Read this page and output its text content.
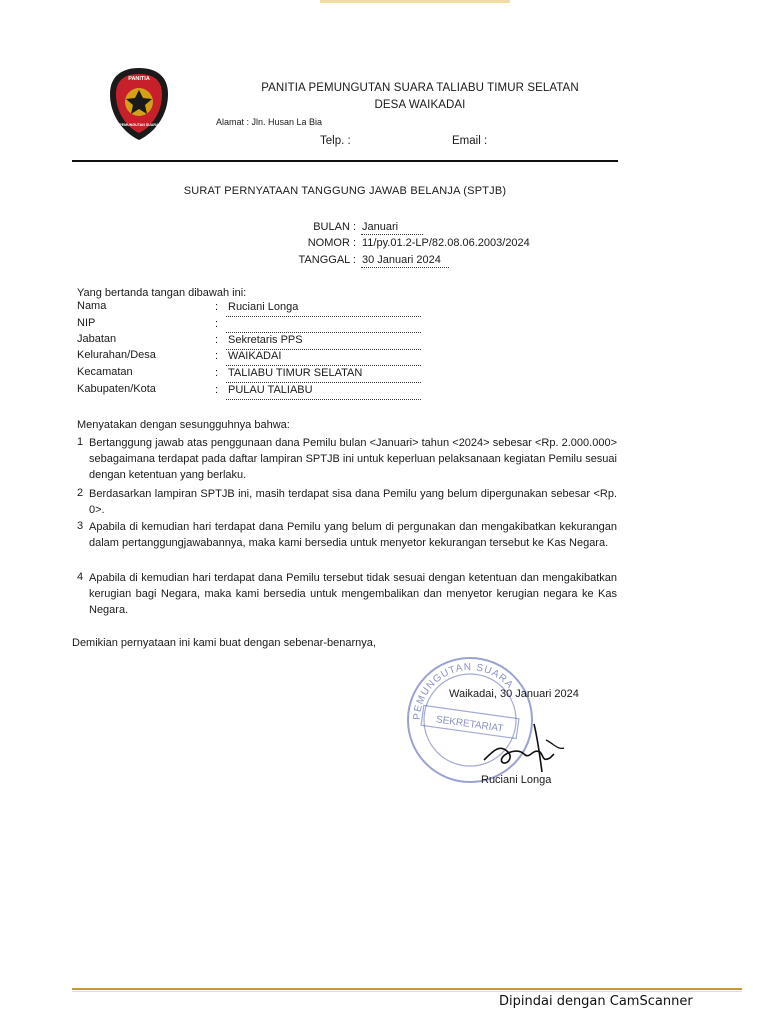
PANITIA
PEMUNGUTAN SUARA
PANITIA PEMUNGUTAN SUARA TALIABU TIMUR SELATAN
DESA WAIKADAI
Alamat : Jln. Husan La Bia
Telp. :	Email :
SURAT PERNYATAAN TANGGUNG JAWAB BELANJA (SPTJB)
BULAN : Januari
NOMOR : 11/py.01.2-LP/82.08.06.2003/2024
TANGGAL : 30 Januari 2024
Yang bertanda tangan dibawah ini:
Nama	: Ruciani Longa
NIP	:
Jabatan	: Sekretaris PPS
Kelurahan/Desa	: WAIKADAI
Kecamatan	: TALIABU TIMUR SELATAN
Kabupaten/Kota	: PULAU TALIABU
Menyatakan dengan sesungguhnya bahwa:
1 Bertanggung jawab atas penggunaan dana Pemilu bulan <Januari> tahun <2024> sebesar <Rp. 2.000.000> sebagaimana terdapat pada daftar lampiran SPTJB ini untuk keperluan pelaksanaan kegiatan Pemilu sesuai dengan ketentuan yang berlaku.
2 Berdasarkan lampiran SPTJB ini, masih terdapat sisa dana Pemilu yang belum dipergunakan sebesar <Rp. 0>.
3 Apabila di kemudian hari terdapat dana Pemilu yang belum di pergunakan dan mengakibatkan kekurangan dalam pertanggungjawabannya, maka kami bersedia untuk menyetor kekurangan tersebut ke Kas Negara.
4 Apabila di kemudian hari terdapat dana Pemilu tersebut tidak sesuai dengan ketentuan dan mengakibatkan kerugian bagi Negara, maka kami bersedia untuk mengembalikan dan menyetor kerugian negara ke Kas Negara.
Demikian pernyataan ini kami buat dengan sebenar-benarnya,
PEMUNGUTAN SUARA
SEKRETARIAT
Waikadai, 30 Januari 2024
Ruciani Longa
Dipindai dengan CamScanner
